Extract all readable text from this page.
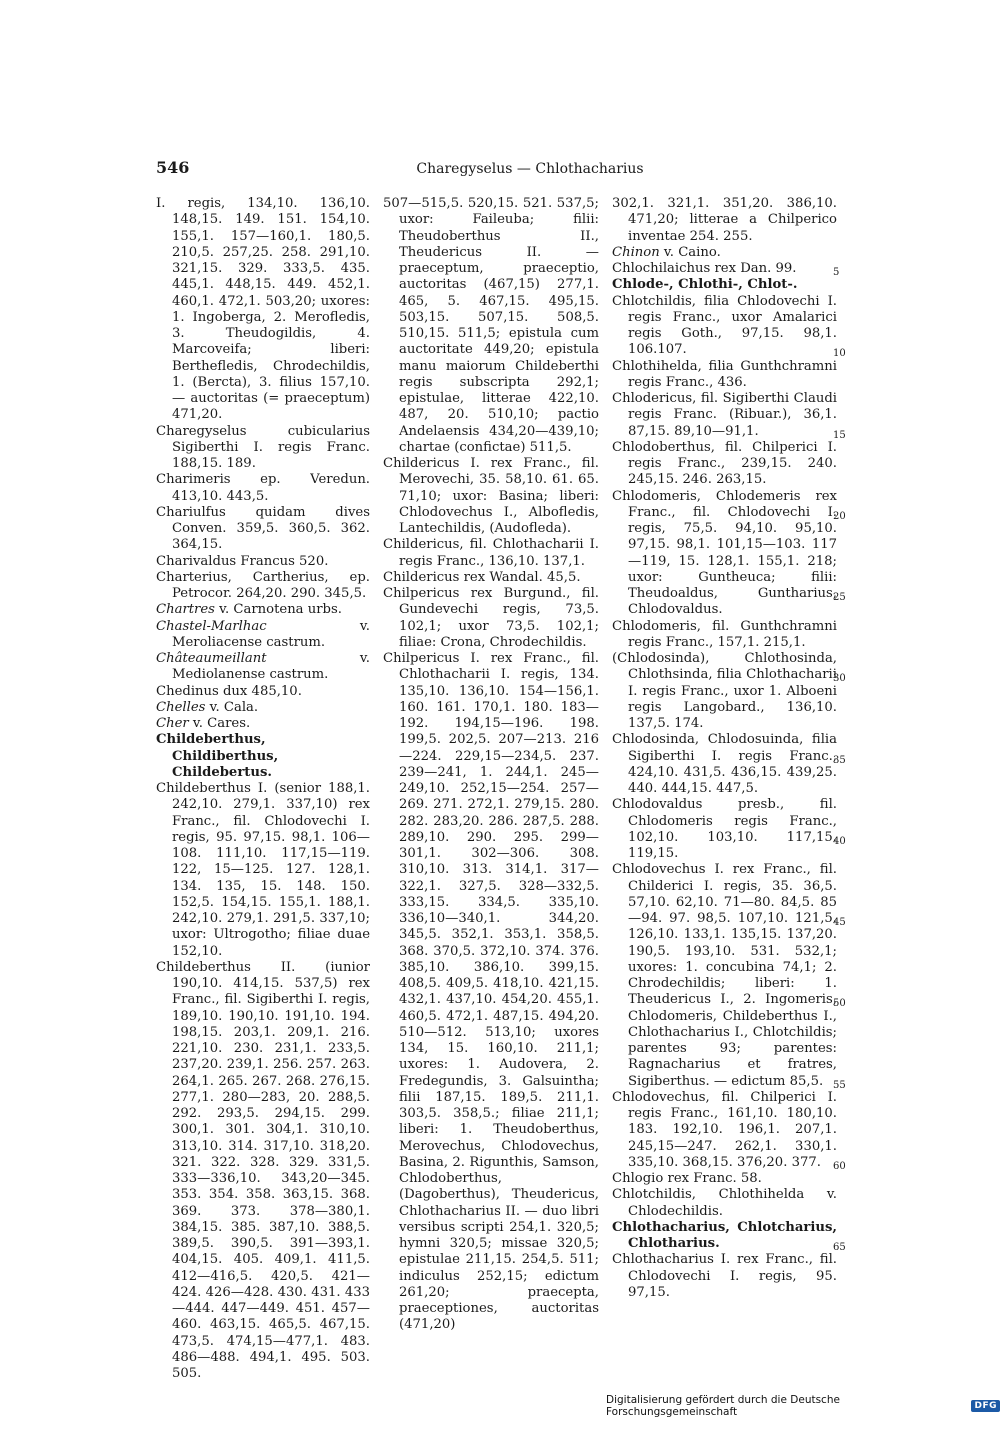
546	Charegyselus — Chlothacharius

I. regis, 134,10. 136,10. 148,15. 149. 151. 154,10. 155,1. 157—160,1. 180,5. 210,5. 257,25. 258. 291,10. 321,15. 329. 333,5. 435. 445,1. 448,15. 449. 452,1. 460,1. 472,1. 503,20; uxores: 1. Ingoberga, 2. Merofledis, 3. Theudogildis, 4. Marcoveifa; liberi: Berthefledis, Chrodechildis, 1. (Bercta), 3. filius 157,10. — auctoritas (= praeceptum) 471,20.

Charegyselus cubicularius Sigiberthi I. regis Franc. 188,15. 189.

Charimeris ep. Veredun. 413,10. 443,5.

Chariulfus quidam dives Conven. 359,5. 360,5. 362. 364,15.

Charivaldus Francus 520.

Charterius, Cartherius, ep. Petrocor. 264,20. 290. 345,5.

Chartres v. Carnotena urbs.

Chastel-Marlhac v. Meroliacense castrum.

Châteaumeillant v. Mediolanense castrum.

Chedinus dux 485,10.

Chelles v. Cala.

Cher v. Cares.

Childeberthus, Childiberthus, Childebertus.

Childeberthus I. (senior 188,1. 242,10. 279,1. 337,10) rex Franc., fil. Chlodovechi I. regis, 95. 97,15. 98,1. 106—108. 111,10. 117,15—119. 122, 15—125. 127. 128,1. 134. 135, 15. 148. 150. 152,5. 154,15. 155,1. 188,1. 242,10. 279,1. 291,5. 337,10; uxor: Ultrogotho; filiae duae 152,10.

Childeberthus II. (iunior 190,10. 414,15. 537,5) rex Franc., fil. Sigiberthi I. regis, 189,10. 190,10. 191,10. 194. 198,15. 203,1. 209,1. 216. 221,10. 230. 231,1. 233,5. 237,20. 239,1. 256. 257. 263. 264,1. 265. 267. 268. 276,15. 277,1. 280—283, 20. 288,5. 292. 293,5. 294,15. 299. 300,1. 301. 304,1. 310,10. 313,10. 314. 317,10. 318,20. 321. 322. 328. 329. 331,5. 333—336,10. 343,20—345. 353. 354. 358. 363,15. 368. 369. 373. 378—380,1. 384,15. 385. 387,10. 388,5. 389,5. 390,5. 391—393,1. 404,15. 405. 409,1. 411,5. 412—416,5. 420,5. 421—424. 426—428. 430. 431. 433—444. 447—449. 451. 457—460. 463,15. 465,5. 467,15. 473,5. 474,15—477,1. 483. 486—488. 494,1. 495. 503. 505.

507—515,5. 520,15. 521. 537,5; uxor: Faileuba; filii: Theudoberthus II., Theudericus II. — praeceptum, praeceptio, auctoritas (467,15) 277,1. 465, 5. 467,15. 495,15. 503,15. 507,15. 508,5. 510,15. 511,5; epistula cum auctoritate 449,20; epistula manu maiorum Childeberthi regis subscripta 292,1; epistulae, litterae 422,10. 487, 20. 510,10; pactio Andelaensis 434,20—439,10; chartae (confictae) 511,5.

Childericus I. rex Franc., fil. Merovechi, 35. 58,10. 61. 65. 71,10; uxor: Basina; liberi: Chlodovechus I., Albofledis, Lantechildis, (Audofleda).

Childericus, fil. Chlothacharii I. regis Franc., 136,10. 137,1.

Childericus rex Wandal. 45,5.

Chilpericus rex Burgund., fil. Gundevechi regis, 73,5. 102,1; uxor 73,5. 102,1; filiae: Crona, Chrodechildis.

Chilpericus I. rex Franc., fil. Chlothacharii I. regis, 134. 135,10. 136,10. 154—156,1. 160. 161. 170,1. 180. 183—192. 194,15—196. 198. 199,5. 202,5. 207—213. 216—224. 229,15—234,5. 237. 239—241, 1. 244,1. 245—249,10. 252,15—254. 257—269. 271. 272,1. 279,15. 280. 282. 283,20. 286. 287,5. 288. 289,10. 290. 295. 299—301,1. 302—306. 308. 310,10. 313. 314,1. 317—322,1. 327,5. 328—332,5. 333,15. 334,5. 335,10. 336,10—340,1. 344,20. 345,5. 352,1. 353,1. 358,5. 368. 370,5. 372,10. 374. 376. 385,10. 386,10. 399,15. 408,5. 409,5. 418,10. 421,15. 432,1. 437,10. 454,20. 455,1. 460,5. 472,1. 487,15. 494,20. 510—512. 513,10; uxores 134, 15. 160,10. 211,1; uxores: 1. Audovera, 2. Fredegundis, 3. Galsuintha; filii 187,15. 189,5. 211,1. 303,5. 358,5.; filiae 211,1; liberi: 1. Theudoberthus, Merovechus, Chlodovechus, Basina, 2. Rigunthis, Samson, Chlodoberthus, (Dagoberthus), Theudericus, Chlothacharius II. — duo libri versibus scripti 254,1. 320,5; hymni 320,5; missae 320,5; epistulae 211,15. 254,5. 511; indiculus 252,15; edictum 261,20; praecepta, praeceptiones, auctoritas (471,20)

302,1. 321,1. 351,20. 386,10. 471,20; litterae a Chilperico inventae 254. 255.

Chinon v. Caino.

Chlochilaichus rex Dan. 99.

Chlode-, Chlothi-, Chlot-.

Chlotchildis, filia Chlodovechi I. regis Franc., uxor Amalarici regis Goth., 97,15. 98,1. 106.107.

Chlothihelda, filia Gunthchramni regis Franc., 436.

Chlodericus, fil. Sigiberthi Claudi regis Franc. (Ribuar.), 36,1. 87,15. 89,10—91,1.

Chlodoberthus, fil. Chilperici I. regis Franc., 239,15. 240. 245,15. 246. 263,15.

Chlodomeris, Chlodemeris rex Franc., fil. Chlodovechi I. regis, 75,5. 94,10. 95,10. 97,15. 98,1. 101,15—103. 117—119, 15. 128,1. 155,1. 218; uxor: Guntheuca; filii: Theudoaldus, Guntharius, Chlodovaldus.

Chlodomeris, fil. Gunthchramni regis Franc., 157,1. 215,1.

(Chlodosinda), Chlothosinda, Chlothsinda, filia Chlothacharii I. regis Franc., uxor 1. Alboeni regis Langobard., 136,10. 137,5. 174.

Chlodosinda, Chlodosuinda, filia Sigiberthi I. regis Franc., 424,10. 431,5. 436,15. 439,25. 440. 444,15. 447,5.

Chlodovaldus presb., fil. Chlodomeris regis Franc., 102,10. 103,10. 117,15. 119,15.

Chlodovechus I. rex Franc., fil. Childerici I. regis, 35. 36,5. 57,10. 62,10. 71—80. 84,5. 85—94. 97. 98,5. 107,10. 121,5. 126,10. 133,1. 135,15. 137,20. 190,5. 193,10. 531. 532,1; uxores: 1. concubina 74,1; 2. Chrodechildis; liberi: 1. Theudericus I., 2. Ingomeris, Chlodomeris, Childeberthus I., Chlothacharius I., Chlotchildis; parentes 93; parentes: Ragnacharius et fratres, Sigiberthus. — edictum 85,5.

Chlodovechus, fil. Chilperici I. regis Franc., 161,10. 180,10. 183. 192,10. 196,1. 207,1. 245,15—247. 262,1. 330,1. 335,10. 368,15. 376,20. 377.

Chlogio rex Franc. 58.

Chlotchildis, Chlothihelda v. Chlodechildis.

Chlothacharius, Chlotcharius, Chlotharius.

Chlothacharius I. rex Franc., fil. Chlodovechi I. regis, 95. 97,15.

5
10
15
20
25
30
35
40
45
50
55
60
65
Digitalisierung gefördert durch die Deutsche Forschungsgemeinschaft	DFG
